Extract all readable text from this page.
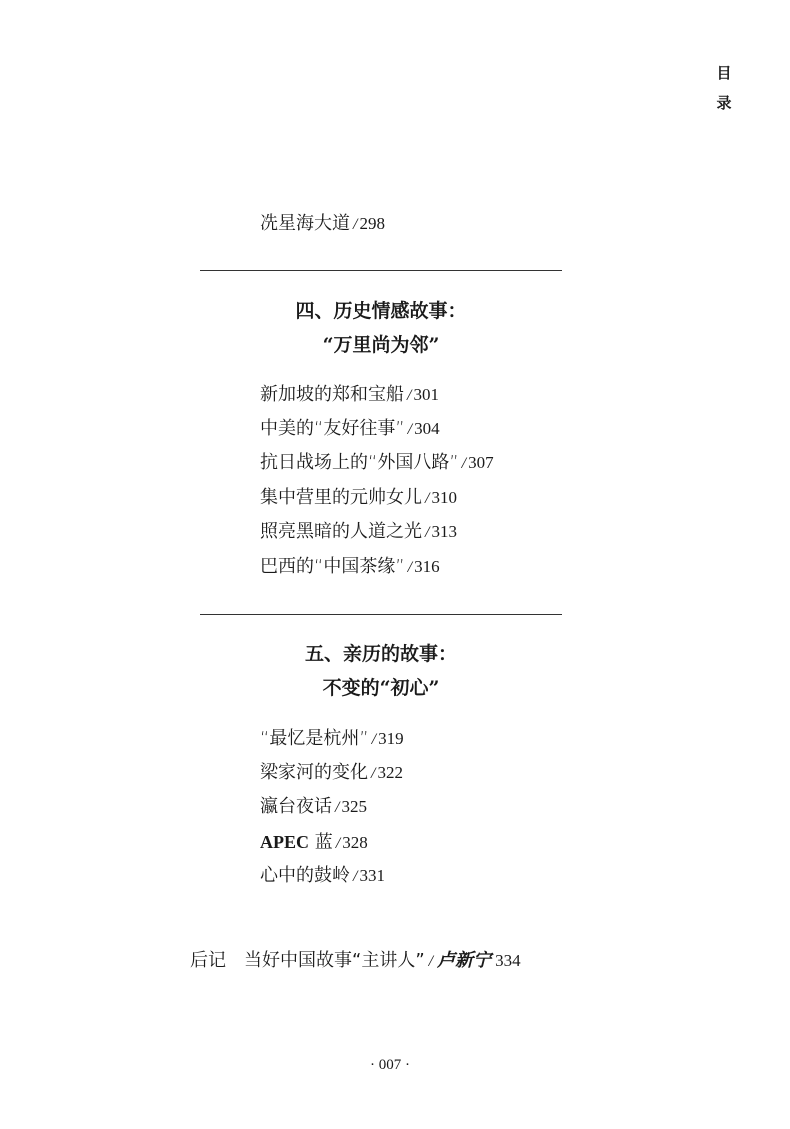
目
录
冼星海大道 / 298
四、历史情感故事：
“万里尚为邻”
新加坡的郑和宝船 / 301
中美的“友好往事” / 304
抗日战场上的“外国八路” / 307
集中营里的元帅女儿 / 310
照亮黑暗的人道之光 / 313
巴西的“中国茶缘” / 316
五、亲历的故事：
不变的“初心”
“最忆是杭州” / 319
梁家河的变化 / 322
瀛台夜话 / 325
APEC 蓝 / 328
心中的鼓岭 / 331
后记 当好中国故事“主讲人” / 卢新宁 334
· 007 ·
